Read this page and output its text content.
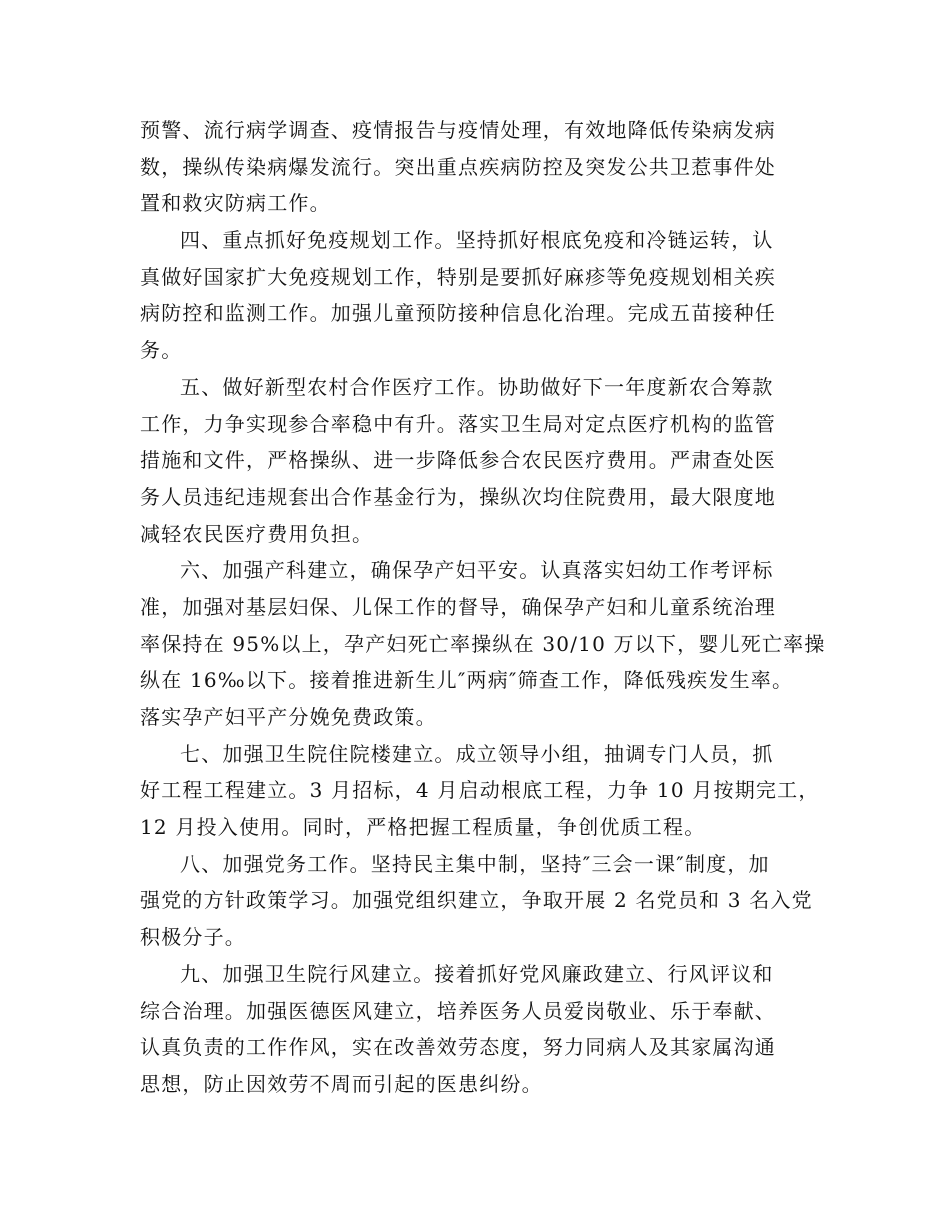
预警、流行病学调查、疫情报告与疫情处理，有效地降低传染病发病

数，操纵传染病爆发流行。突出重点疾病防控及突发公共卫惹事件处

置和救灾防病工作。

四、重点抓好免疫规划工作。坚持抓好根底免疫和冷链运转，认

真做好国家扩大免疫规划工作，特别是要抓好麻疹等免疫规划相关疾

病防控和监测工作。加强儿童预防接种信息化治理。完成五苗接种任

务。

五、做好新型农村合作医疗工作。协助做好下一年度新农合筹款

工作，力争实现参合率稳中有升。落实卫生局对定点医疗机构的监管

措施和文件，严格操纵、进一步降低参合农民医疗费用。严肃查处医

务人员违纪违规套出合作基金行为，操纵次均住院费用，最大限度地

减轻农民医疗费用负担。

六、加强产科建立，确保孕产妇平安。认真落实妇幼工作考评标

准，加强对基层妇保、儿保工作的督导，确保孕产妇和儿童系统治理

率保持在 95%以上，孕产妇死亡率操纵在 30/10 万以下，婴儿死亡率操

纵在 16‰以下。接着推进新生儿″两病″筛查工作，降低残疾发生率。

落实孕产妇平产分娩免费政策。

七、加强卫生院住院楼建立。成立领导小组，抽调专门人员，抓

好工程工程建立。3 月招标，4 月启动根底工程，力争 10 月按期完工，

12 月投入使用。同时，严格把握工程质量，争创优质工程。

八、加强党务工作。坚持民主集中制，坚持″三会一课″制度，加

强党的方针政策学习。加强党组织建立，争取开展 2 名党员和 3 名入党

积极分子。

九、加强卫生院行风建立。接着抓好党风廉政建立、行风评议和

综合治理。加强医德医风建立，培养医务人员爱岗敬业、乐于奉献、

认真负责的工作作风，实在改善效劳态度，努力同病人及其家属沟通

思想，防止因效劳不周而引起的医患纠纷。
